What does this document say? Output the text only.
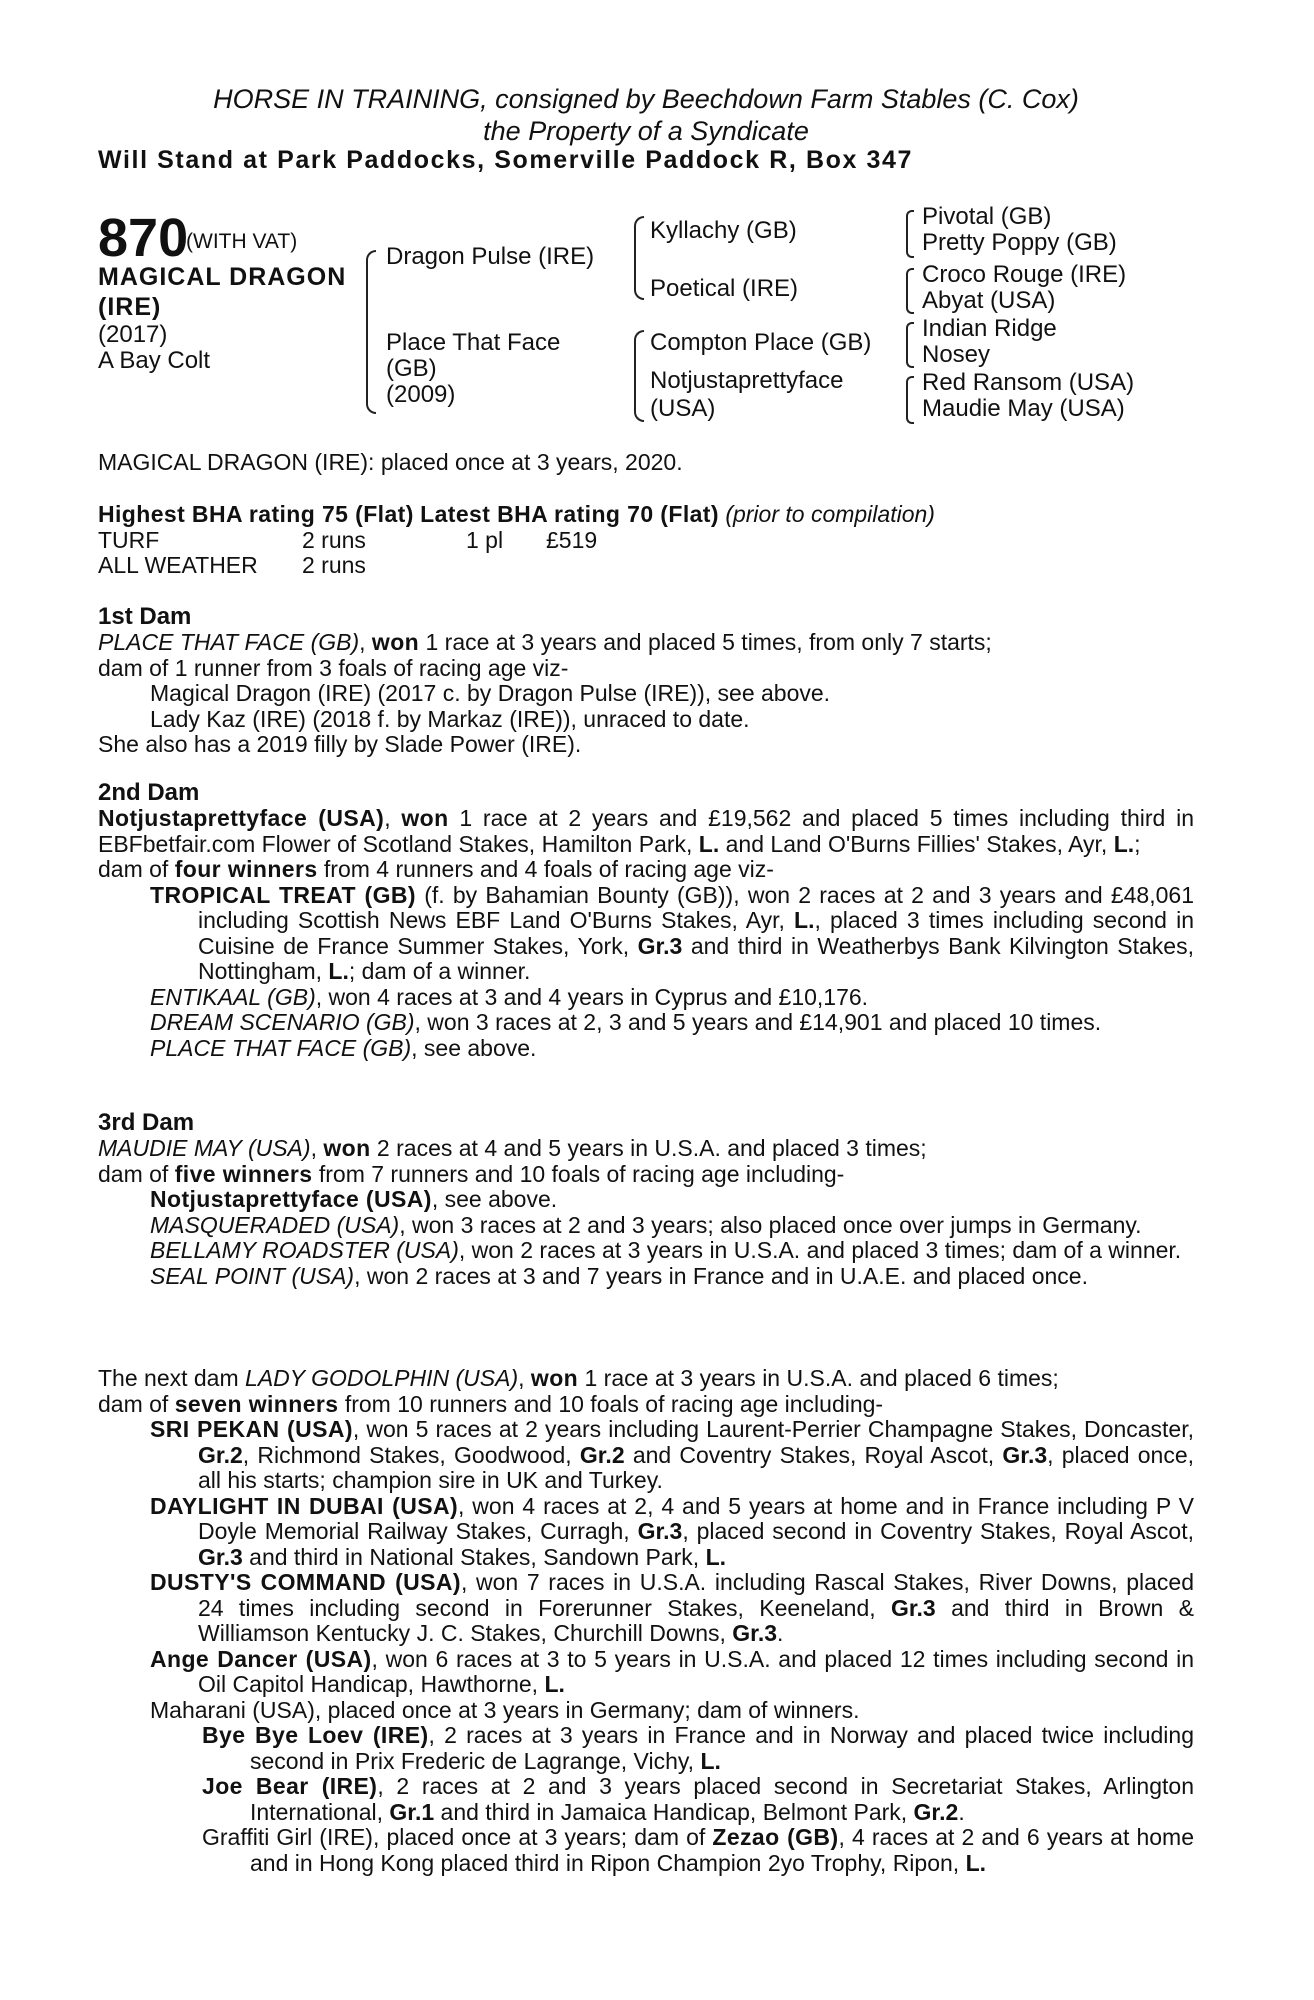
HORSE IN TRAINING, consigned by Beechdown Farm Stables (C. Cox)
the Property of a Syndicate
Will Stand at Park Paddocks, Somerville Paddock R, Box 347
870
(WITH VAT)
MAGICAL DRAGON (IRE)
(2017)
A Bay Colt
Dragon Pulse (IRE)
Place That Face
(GB)
(2009)
Kyllachy (GB)
Poetical (IRE)
Compton Place (GB)
Notjustaprettyface
(USA)
Pivotal (GB)
Pretty Poppy (GB)
Croco Rouge (IRE)
Abyat (USA)
Indian Ridge
Nosey
Red Ransom (USA)
Maudie May (USA)
MAGICAL DRAGON (IRE): placed once at 3 years, 2020.

Highest BHA rating 75 (Flat) Latest BHA rating 70 (Flat) (prior to compilation)

TURF	2 runs	1 pl £519

ALL WEATHER 2 runs

1st Dam

PLACE THAT FACE (GB), won 1 race at 3 years and placed 5 times, from only 7 starts;

dam of 1 runner from 3 foals of racing age viz-

Magical Dragon (IRE) (2017 c. by Dragon Pulse (IRE)), see above.

Lady Kaz (IRE) (2018 f. by Markaz (IRE)), unraced to date.

She also has a 2019 filly by Slade Power (IRE).

2nd Dam

Notjustaprettyface (USA), won 1 race at 2 years and £19,562 and placed 5 times including third in EBFbetfair.com Flower of Scotland Stakes, Hamilton Park, L. and Land O'Burns Fillies' Stakes, Ayr, L.;

dam of four winners from 4 runners and 4 foals of racing age viz-

TROPICAL TREAT (GB) (f. by Bahamian Bounty (GB)), won 2 races at 2 and 3 years and £48,061 including Scottish News EBF Land O'Burns Stakes, Ayr, L., placed 3 times including second in Cuisine de France Summer Stakes, York, Gr.3 and third in Weatherbys Bank Kilvington Stakes, Nottingham, L.; dam of a winner.

ENTIKAAL (GB), won 4 races at 3 and 4 years in Cyprus and £10,176.

DREAM SCENARIO (GB), won 3 races at 2, 3 and 5 years and £14,901 and placed 10 times.

PLACE THAT FACE (GB), see above.

3rd Dam

MAUDIE MAY (USA), won 2 races at 4 and 5 years in U.S.A. and placed 3 times;

dam of five winners from 7 runners and 10 foals of racing age including-

Notjustaprettyface (USA), see above.

MASQUERADED (USA), won 3 races at 2 and 3 years; also placed once over jumps in Germany.

BELLAMY ROADSTER (USA), won 2 races at 3 years in U.S.A. and placed 3 times; dam of a winner.

SEAL POINT (USA), won 2 races at 3 and 7 years in France and in U.A.E. and placed once.

The next dam LADY GODOLPHIN (USA), won 1 race at 3 years in U.S.A. and placed 6 times;

dam of seven winners from 10 runners and 10 foals of racing age including-

SRI PEKAN (USA), won 5 races at 2 years including Laurent-Perrier Champagne Stakes, Doncaster, Gr.2, Richmond Stakes, Goodwood, Gr.2 and Coventry Stakes, Royal Ascot, Gr.3, placed once, all his starts; champion sire in UK and Turkey.

DAYLIGHT IN DUBAI (USA), won 4 races at 2, 4 and 5 years at home and in France including P V Doyle Memorial Railway Stakes, Curragh, Gr.3, placed second in Coventry Stakes, Royal Ascot, Gr.3 and third in National Stakes, Sandown Park, L.

DUSTY'S COMMAND (USA), won 7 races in U.S.A. including Rascal Stakes, River Downs, placed 24 times including second in Forerunner Stakes, Keeneland, Gr.3 and third in Brown & Williamson Kentucky J. C. Stakes, Churchill Downs, Gr.3.

Ange Dancer (USA), won 6 races at 3 to 5 years in U.S.A. and placed 12 times including second in Oil Capitol Handicap, Hawthorne, L.

Maharani (USA), placed once at 3 years in Germany; dam of winners.

Bye Bye Loev (IRE), 2 races at 3 years in France and in Norway and placed twice including second in Prix Frederic de Lagrange, Vichy, L.

Joe Bear (IRE), 2 races at 2 and 3 years placed second in Secretariat Stakes, Arlington International, Gr.1 and third in Jamaica Handicap, Belmont Park, Gr.2.

Graffiti Girl (IRE), placed once at 3 years; dam of Zezao (GB), 4 races at 2 and 6 years at home and in Hong Kong placed third in Ripon Champion 2yo Trophy, Ripon, L.
